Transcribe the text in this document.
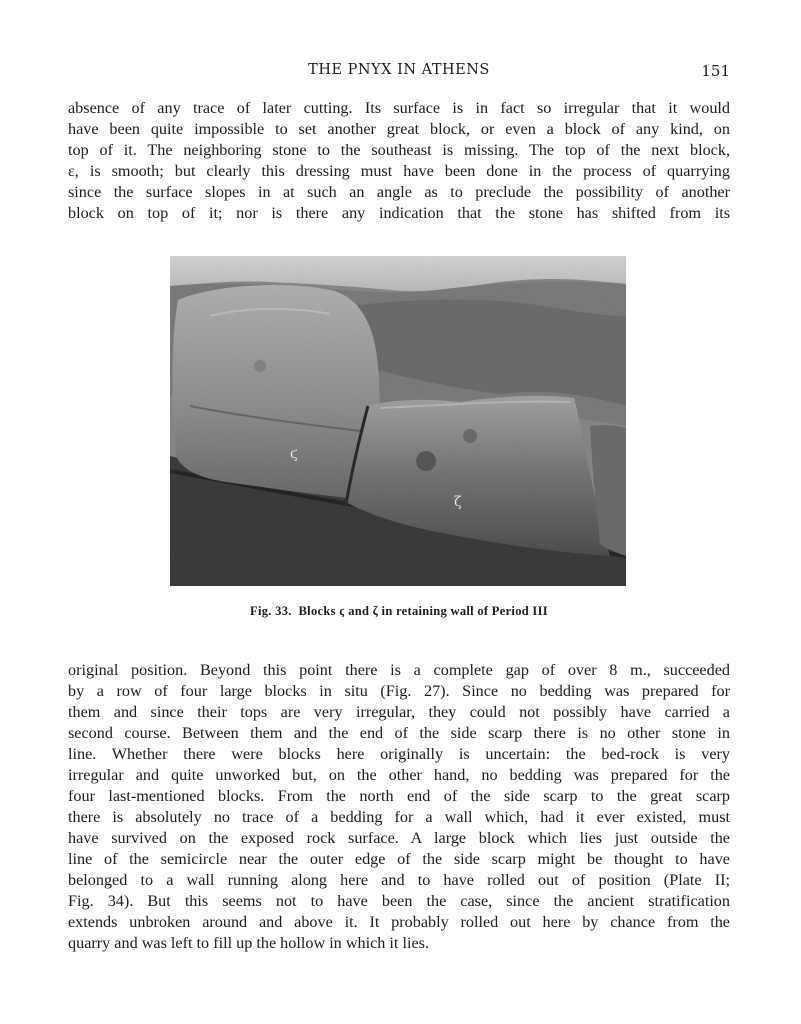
THE PNYX IN ATHENS	151
absence of any trace of later cutting. Its surface is in fact so irregular that it would
have been quite impossible to set another great block, or even a block of any kind, on
top of it. The neighboring stone to the southeast is missing. The top of the next block,
ε, is smooth; but clearly this dressing must have been done in the process of quarrying
since the surface slopes in at such an angle as to preclude the possibility of another
block on top of it; nor is there any indication that the stone has shifted from its
ϛ
ζ
Fig. 33. Blocks ϛ and ζ in retaining wall of Period III
original position. Beyond this point there is a complete gap of over 8 m., succeeded
by a row of four large blocks in situ (Fig. 27). Since no bedding was prepared for
them and since their tops are very irregular, they could not possibly have carried a
second course. Between them and the end of the side scarp there is no other stone in
line. Whether there were blocks here originally is uncertain: the bed-rock is very
irregular and quite unworked but, on the other hand, no bedding was prepared for the
four last-mentioned blocks. From the north end of the side scarp to the great scarp
there is absolutely no trace of a bedding for a wall which, had it ever existed, must
have survived on the exposed rock surface. A large block which lies just outside the
line of the semicircle near the outer edge of the side scarp might be thought to have
belonged to a wall running along here and to have rolled out of position (Plate II;
Fig. 34). But this seems not to have been the case, since the ancient stratification
extends unbroken around and above it. It probably rolled out here by chance from the
quarry and was left to fill up the hollow in which it lies.
